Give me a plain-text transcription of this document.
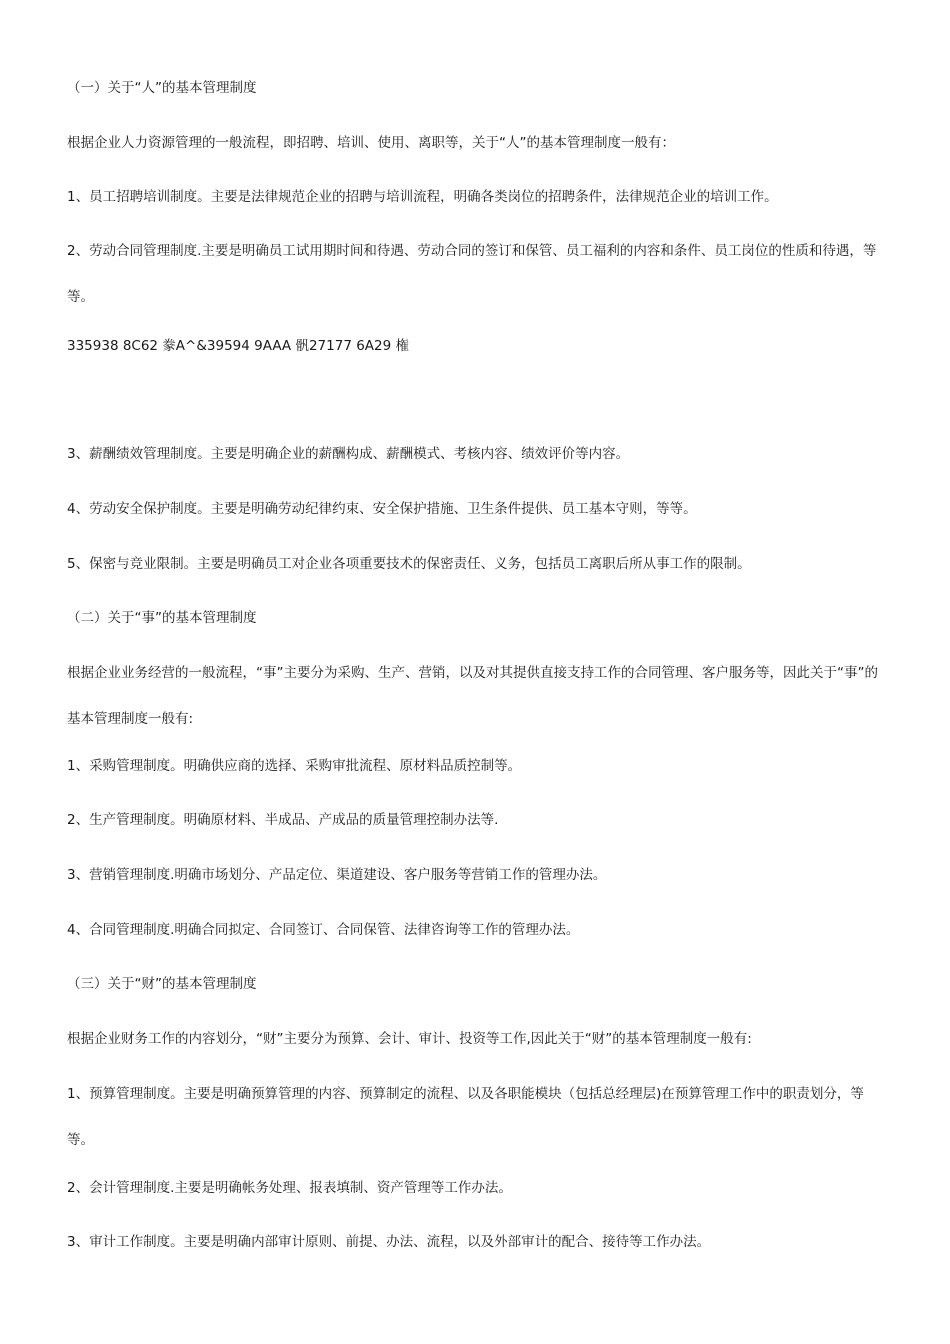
（一）关于“人”的基本管理制度
根据企业人力资源管理的一般流程，即招聘、培训、使用、离职等，关于“人”的基本管理制度一般有：
1、员工招聘培训制度。主要是法律规范企业的招聘与培训流程，明确各类岗位的招聘条件，法律规范企业的培训工作。
2、劳动合同管理制度.主要是明确员工试用期时间和待遇、劳动合同的签订和保管、员工福利的内容和条件、员工岗位的性质和待遇，等等。
335938 8C62 豢A^&39594 9AAA 骪27177 6A29 権
3、薪酬绩效管理制度。主要是明确企业的薪酬构成、薪酬模式、考核内容、绩效评价等内容。
4、劳动安全保护制度。主要是明确劳动纪律约束、安全保护措施、卫生条件提供、员工基本守则，等等。
5、保密与竞业限制。主要是明确员工对企业各项重要技术的保密责任、义务，包括员工离职后所从事工作的限制。
（二）关于“事”的基本管理制度
根据企业业务经营的一般流程，“事”主要分为采购、生产、营销，以及对其提供直接支持工作的合同管理、客户服务等，因此关于“事”的基本管理制度一般有:
1、采购管理制度。明确供应商的选择、采购审批流程、原材料品质控制等。
2、生产管理制度。明确原材料、半成品、产成品的质量管理控制办法等.
3、营销管理制度.明确市场划分、产品定位、渠道建设、客户服务等营销工作的管理办法。
4、合同管理制度.明确合同拟定、合同签订、合同保管、法律咨询等工作的管理办法。
（三）关于“财”的基本管理制度
根据企业财务工作的内容划分，“财”主要分为预算、会计、审计、投资等工作,因此关于“财”的基本管理制度一般有:
1、预算管理制度。主要是明确预算管理的内容、预算制定的流程、以及各职能模块（包括总经理层)在预算管理工作中的职责划分，等等。
2、会计管理制度.主要是明确帐务处理、报表填制、资产管理等工作办法。
3、审计工作制度。主要是明确内部审计原则、前提、办法、流程，以及外部审计的配合、接待等工作办法。
